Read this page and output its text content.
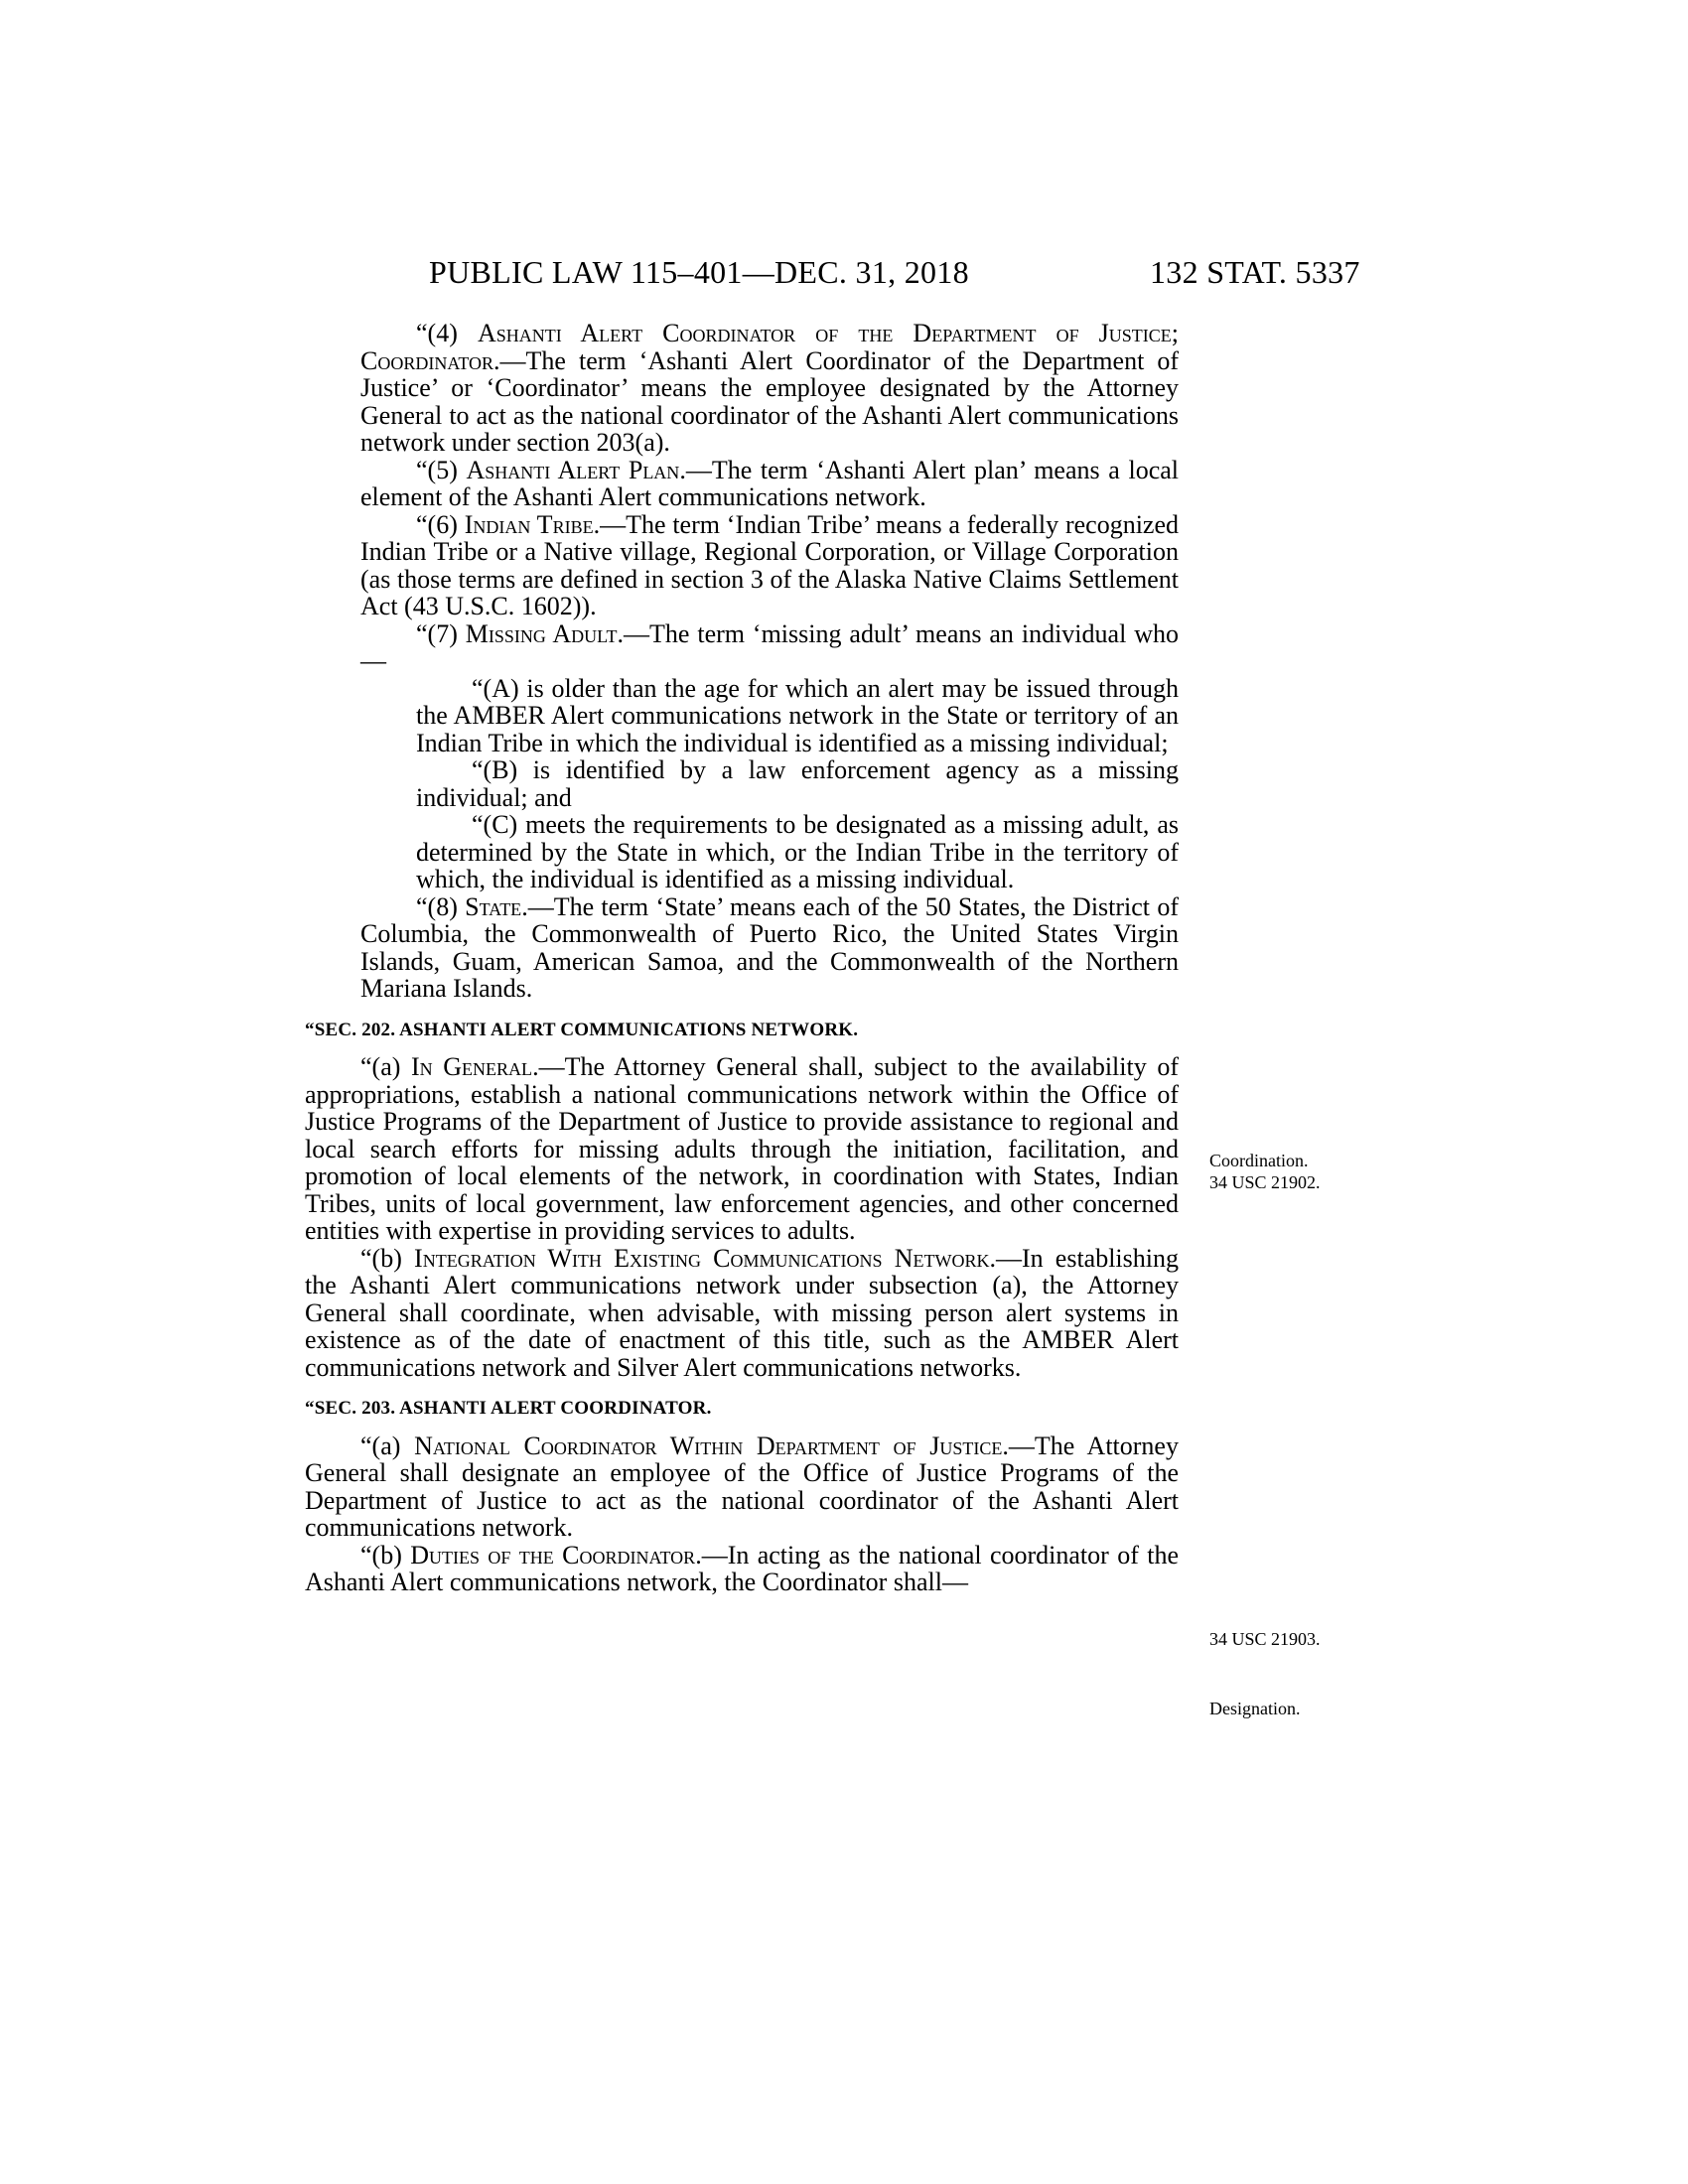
PUBLIC LAW 115–401—DEC. 31, 2018	132 STAT. 5337

“(4) Ashanti Alert Coordinator of the Department of Justice; Coordinator.—The term ‘Ashanti Alert Coordinator of the Department of Justice’ or ‘Coordinator’ means the employee designated by the Attorney General to act as the national coordinator of the Ashanti Alert communications network under section 203(a).

“(5) Ashanti Alert Plan.—The term ‘Ashanti Alert plan’ means a local element of the Ashanti Alert communications network.

“(6) Indian Tribe.—The term ‘Indian Tribe’ means a federally recognized Indian Tribe or a Native village, Regional Corporation, or Village Corporation (as those terms are defined in section 3 of the Alaska Native Claims Settlement Act (43 U.S.C. 1602)).

“(7) Missing Adult.—The term ‘missing adult’ means an individual who—

“(A) is older than the age for which an alert may be issued through the AMBER Alert communications network in the State or territory of an Indian Tribe in which the individual is identified as a missing individual;

“(B) is identified by a law enforcement agency as a missing individual; and

“(C) meets the requirements to be designated as a missing adult, as determined by the State in which, or the Indian Tribe in the territory of which, the individual is identified as a missing individual.

“(8) State.—The term ‘State’ means each of the 50 States, the District of Columbia, the Commonwealth of Puerto Rico, the United States Virgin Islands, Guam, American Samoa, and the Commonwealth of the Northern Mariana Islands.

“SEC. 202. ASHANTI ALERT COMMUNICATIONS NETWORK.

“(a) In General.—The Attorney General shall, subject to the availability of appropriations, establish a national communications network within the Office of Justice Programs of the Department of Justice to provide assistance to regional and local search efforts for missing adults through the initiation, facilitation, and promotion of local elements of the network, in coordination with States, Indian Tribes, units of local government, law enforcement agencies, and other concerned entities with expertise in providing services to adults.

“(b) Integration With Existing Communications Network.—In establishing the Ashanti Alert communications network under subsection (a), the Attorney General shall coordinate, when advisable, with missing person alert systems in existence as of the date of enactment of this title, such as the AMBER Alert communications network and Silver Alert communications networks.

“SEC. 203. ASHANTI ALERT COORDINATOR.

“(a) National Coordinator Within Department of Justice.—The Attorney General shall designate an employee of the Office of Justice Programs of the Department of Justice to act as the national coordinator of the Ashanti Alert communications network.

“(b) Duties of the Coordinator.—In acting as the national coordinator of the Ashanti Alert communications network, the Coordinator shall—

Coordination.
34 USC 21902.
34 USC 21903.
Designation.
